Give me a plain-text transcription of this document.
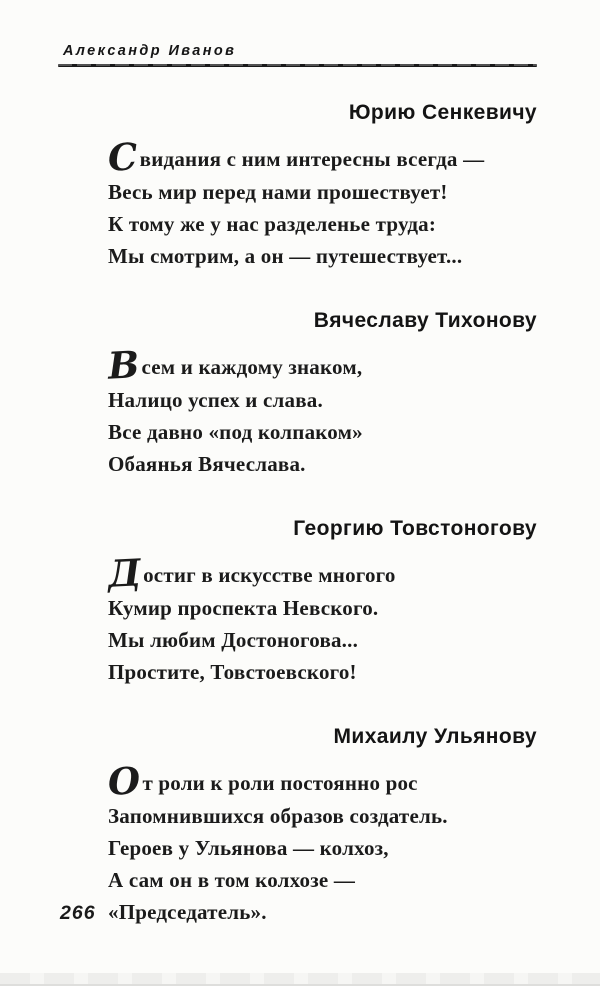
Александр Иванов
Юрию Сенкевичу
Свидания с ним интересны всегда —
Весь мир перед нами прошествует!
К тому же у нас разделенье труда:
Мы смотрим, а он — путешествует...
Вячеславу Тихонову
Всем и каждому знаком,
Налицо успех и слава.
Все давно «под колпаком»
Обаянья Вячеслава.
Георгию Товстоногову
Достиг в искусстве многого
Кумир проспекта Невского.
Мы любим Достоногова...
Простите, Товстоевского!
Михаилу Ульянову
От роли к роли постоянно рос
Запомнившихся образов создатель.
Героев у Ульянова — колхоз,
А сам он в том колхозе —
«Председатель».
266
